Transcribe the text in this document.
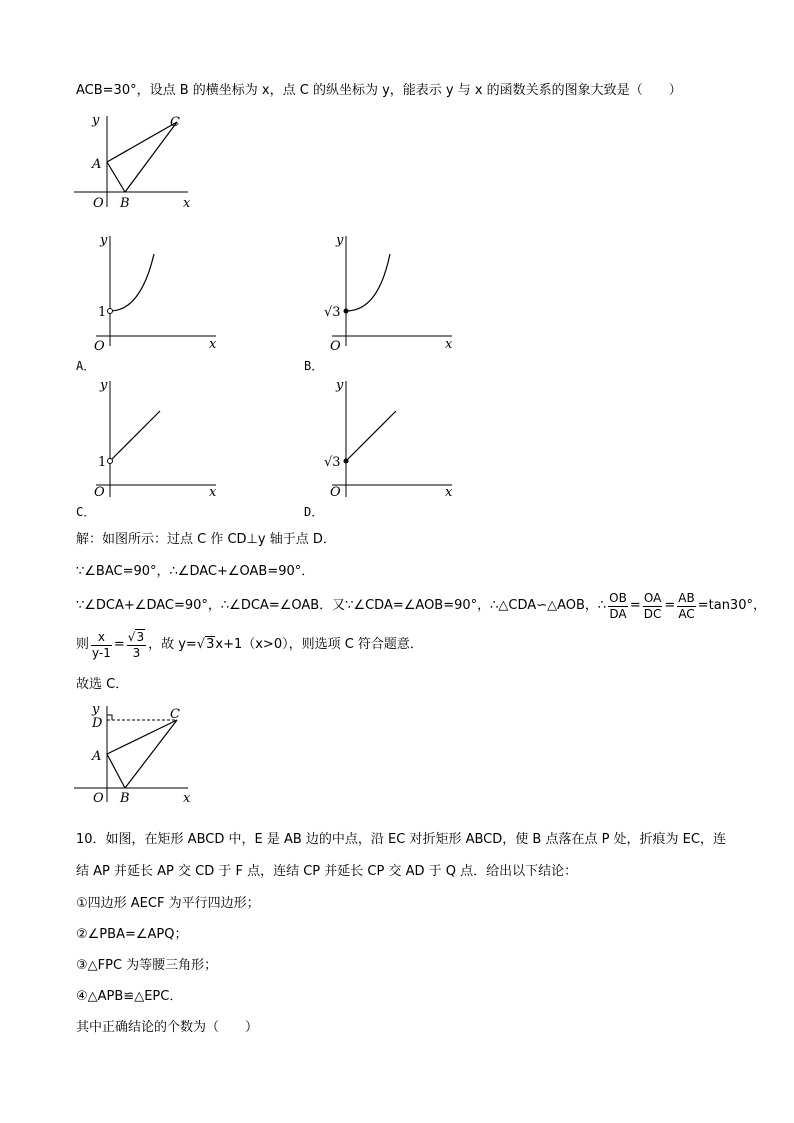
ACB=30°，设点 B 的横坐标为 x，点 C 的纵坐标为 y，能表示 y 与 x 的函数关系的图象大致是（　　）
y	C
A
O B	x
y
1
O	x
A．
y
√3
O	x
B．
y
1
O	x
C．
y
√3
O	x
D．
解：如图所示：过点 C 作 CD⊥y 轴于点 D．
∵∠BAC=90°，∴∠DAC+∠OAB=90°．
∵∠DCA+∠DAC=90°，∴∠DCA=∠OAB．又∵∠CDA=∠AOB=90°，∴△CDA∽△AOB，∴ $\frac{OB}{DA} = \frac{OA}{DC} = \frac{AB}{AC} =\tan 30^\circ$，
则 $\frac{x}{y-1} = \frac{√3}{3}$ ，故 y= √3 x+1（x>0），则选项 C 符合题意．
故选 C．
y
D
C
A
O B	x
10．如图，在矩形 ABCD 中，E 是 AB 边的中点，沿 EC 对折矩形 ABCD，使 B 点落在点 P 处，折痕为 EC，连
结 AP 并延长 AP 交 CD 于 F 点，连结 CP 并延长 CP 交 AD 于 Q 点．给出以下结论：
①四边形 AECF 为平行四边形；
②∠PBA=∠APQ；
③△FPC 为等腰三角形；
④△APB≌△EPC．
其中正确结论的个数为（　　）
